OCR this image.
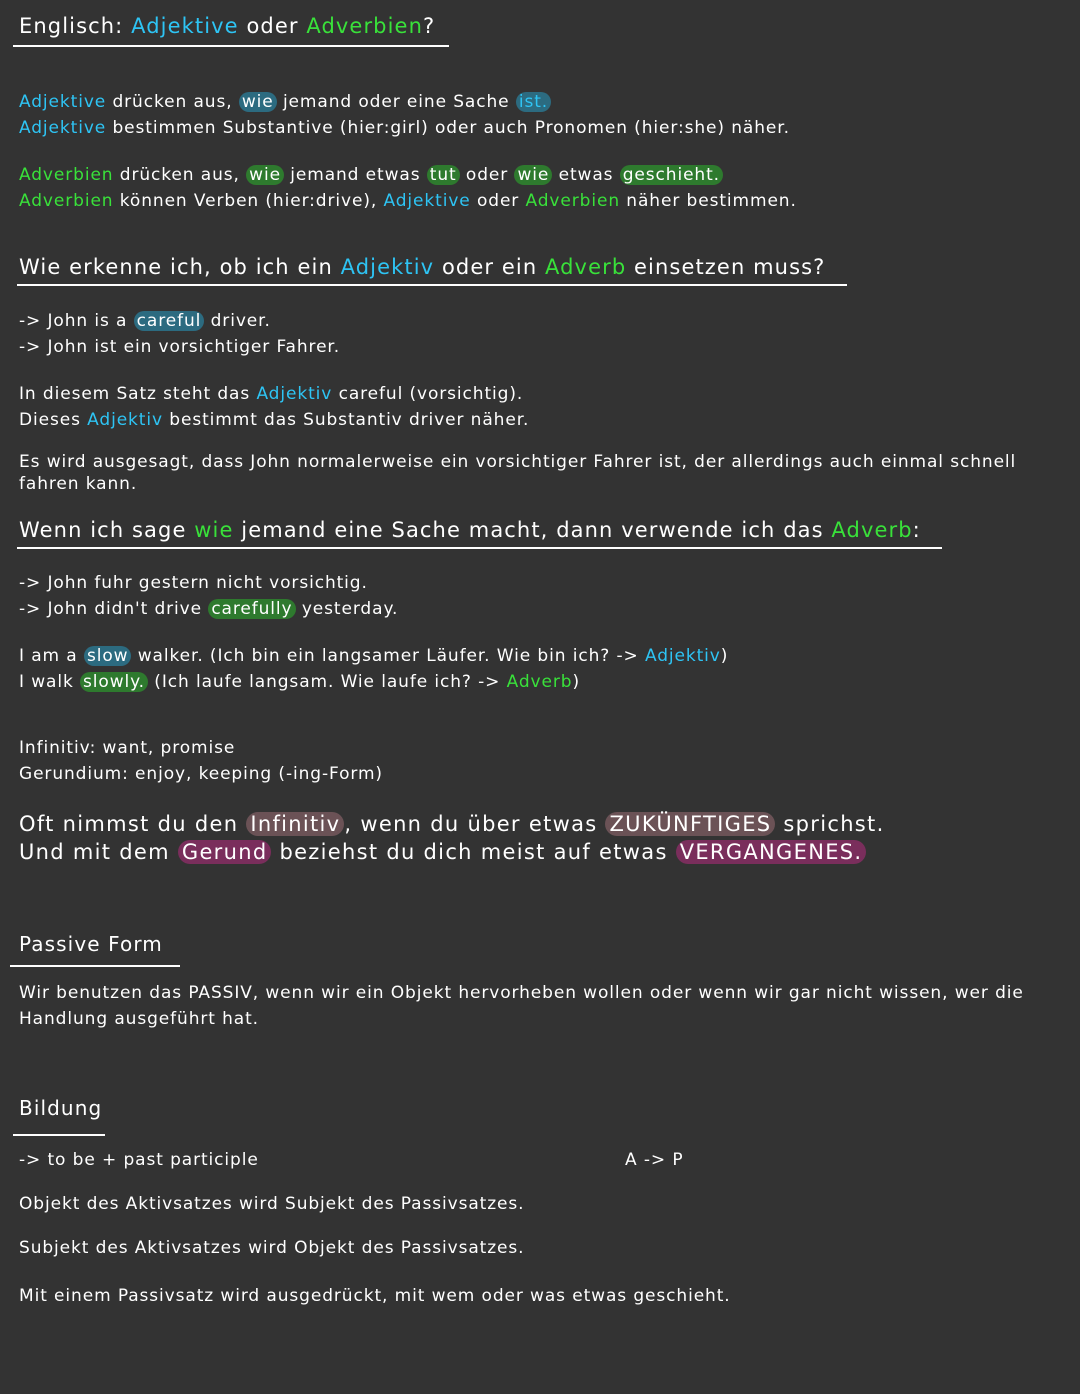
Englisch: Adjektive oder Adverbien?
Adjektive drücken aus, wie jemand oder eine Sache ist.
Adjektive bestimmen Substantive (hier:girl) oder auch Pronomen (hier:she) näher.
Adverbien drücken aus, wie jemand etwas tut oder wie etwas geschieht.
Adverbien können Verben (hier:drive), Adjektive oder Adverbien näher bestimmen.
Wie erkenne ich, ob ich ein Adjektiv oder ein Adverb einsetzen muss?
-> John is a careful driver.
-> John ist ein vorsichtiger Fahrer.
In diesem Satz steht das Adjektiv careful (vorsichtig).
Dieses Adjektiv bestimmt das Substantiv driver näher.
Es wird ausgesagt, dass John normalerweise ein vorsichtiger Fahrer ist, der allerdings auch einmal schnell
fahren kann.
Wenn ich sage wie jemand eine Sache macht, dann verwende ich das Adverb:
-> John fuhr gestern nicht vorsichtig.
-> John didn't drive carefully yesterday.
I am a slow walker. (Ich bin ein langsamer Läufer. Wie bin ich? -> Adjektiv)
I walk slowly. (Ich laufe langsam. Wie laufe ich? -> Adverb)
Infinitiv: want, promise
Gerundium: enjoy, keeping (-ing-Form)
Oft nimmst du den Infinitiv , wenn du über etwas ZUKÜNFTIGES sprichst.
Und mit dem Gerund beziehst du dich meist auf etwas VERGANGENES.
Passive Form
Wir benutzen das PASSIV, wenn wir ein Objekt hervorheben wollen oder wenn wir gar nicht wissen, wer die
Handlung ausgeführt hat.
Bildung
-> to be + past participle	A -> P
Objekt des Aktivsatzes wird Subjekt des Passivsatzes.
Subjekt des Aktivsatzes wird Objekt des Passivsatzes.
Mit einem Passivsatz wird ausgedrückt, mit wem oder was etwas geschieht.
